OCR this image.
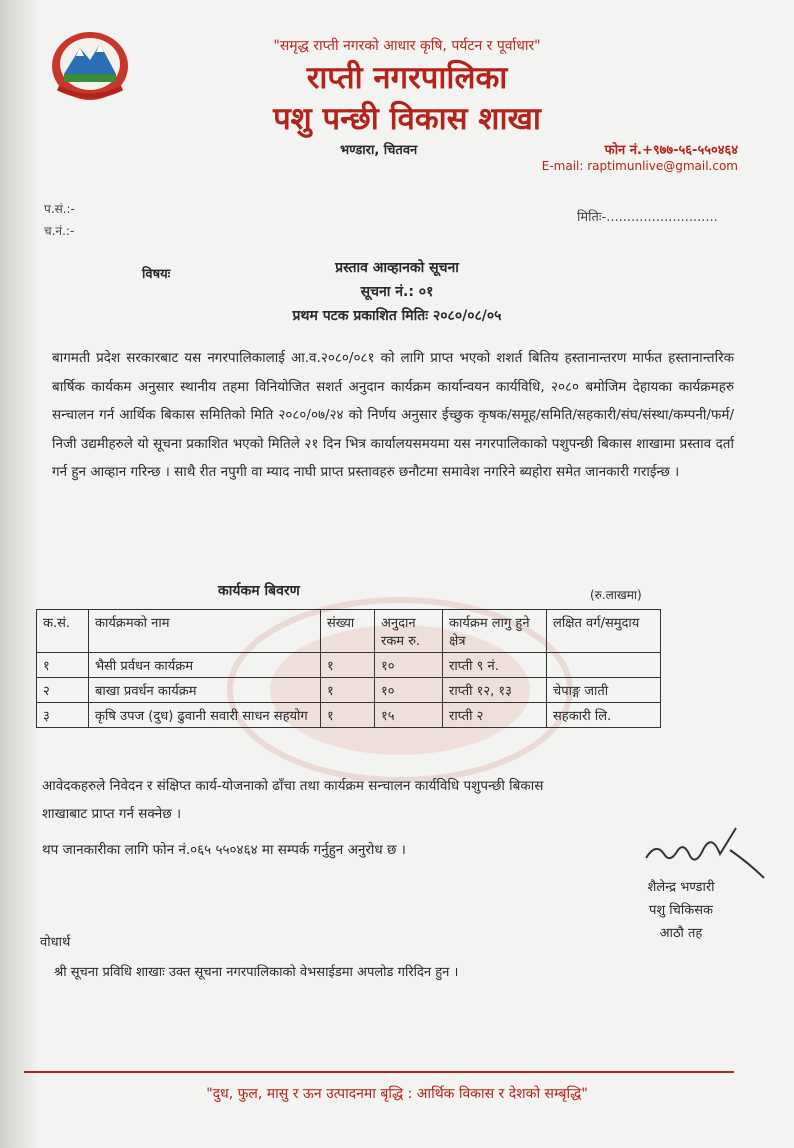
"समृद्ध राप्ती नगरको आधार कृषि, पर्यटन र पूर्वाधार"
राप्ती नगरपालिका
पशु पन्छी विकास शाखा
भण्डारा, चितवन	फोन नं.+९७७-५६-५५०४६४
E-mail: raptimunlive@gmail.com
प.सं.:-
च.नं.:-
मितिः-...........................
विषयः	प्रस्ताव आव्हानको सूचना
सूचना नं.: ०१
प्रथम पटक प्रकाशित मितिः २०८०/०८/०५
बागमती प्रदेश सरकारबाट यस नगरपालिकालाई आ.व.२०८०/०८१ को लागि प्राप्त भएको शशर्त बितिय हस्तानान्तरण मार्फत हस्तानान्तरिक बार्षिक कार्यकम अनुसार स्थानीय तहमा विनियोजित सशर्त अनुदान कार्यक्रम कार्यान्वयन कार्यविधि, २०८० बमोजिम देहायका कार्यक्रमहरु सन्चालन गर्न आर्थिक बिकास समितिको मिति २०८०/०७/२४ को निर्णय अनुसार ईच्छुक कृषक/समूह/समिति/सहकारी/संघ/संस्था/कम्पनी/फर्म/निजी उद्यमीहरुले यो सूचना प्रकाशित भएको मितिले २१ दिन भित्र कार्यालयसमयमा यस नगरपालिकाको पशुपन्छी बिकास शाखामा प्रस्ताव दर्ता गर्न हुन आव्हान गरिन्छ । साथै रीत नपुगी वा म्याद नाघी प्राप्त प्रस्तावहरु छनौटमा समावेश नगरिने ब्यहोरा समेत जानकारी गराईन्छ ।
कार्यकम बिवरण	(रु.लाखमा)
क.सं.	कार्यक्रमको नाम	संख्या	अनुदान रकम रु.	कार्यक्रम लागु हुने क्षेत्र	लक्षित वर्ग/समुदाय
१	भैसी प्रर्वधन कार्यक्रम	१	१०	राप्ती ९ नं.	
२	बाखा प्रवर्धन कार्यक्रम	१	१०	राप्ती १२, १३	चेपाङ्ग जाती
३	कृषि उपज (दुध) ढुवानी सवारी साधन सहयोग	१	१५	राप्ती २	सहकारी लि.
आवेदकहरुले निवेदन र संक्षिप्त कार्य-योजनाको ढाँचा तथा कार्यक्रम सन्चालन कार्यविधि पशुपन्छी बिकास
शाखाबाट प्राप्त गर्न सक्नेछ ।
थप जानकारीका लागि फोन नं.०६५ ५५०४६४ मा सम्पर्क गर्नुहुन अनुरोध छ ।
शैलेन्द्र भण्डारी
पशु चिकिसक
आठौ तह
वोधार्थ
श्री सूचना प्रविधि शाखाः उक्त सूचना नगरपालिकाको वेभसाईडमा अपलोड गरिदिन हुन ।
"दुध, फुल, मासु र ऊन उत्पादनमा बृद्धि : आर्थिक विकास र देशको सम्बृद्धि"
